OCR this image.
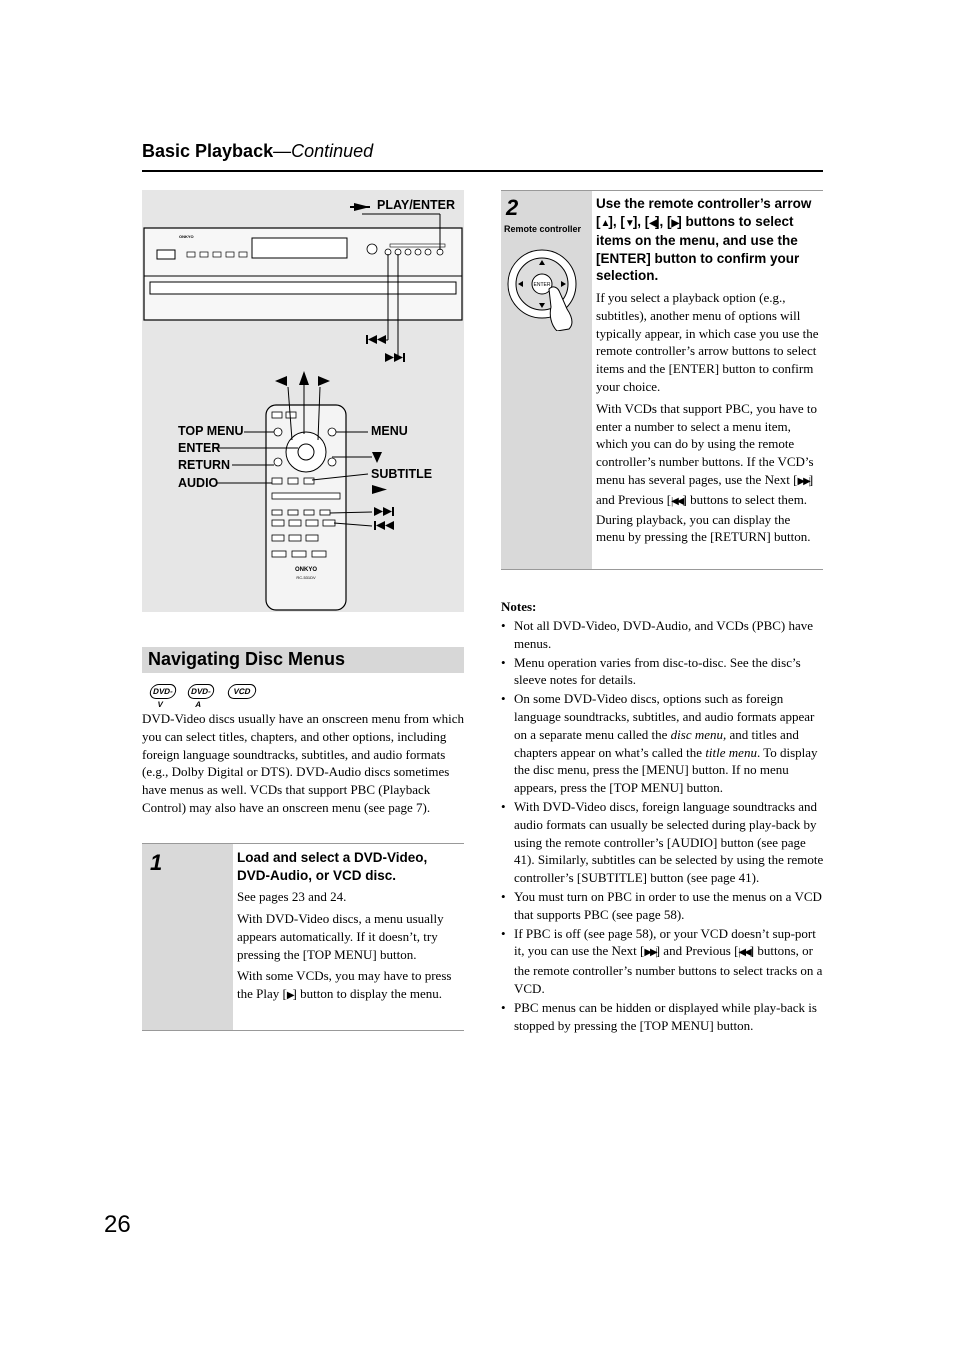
Basic Playback—Continued
ONKYO
RC-531DV
ONKYO
PLAY/ENTER
TOP MENU
ENTER
RETURN
AUDIO
MENU
SUBTITLE
Navigating Disc Menus
DVD-V
DVD-A
VCD

DVD-Video discs usually have an onscreen menu from which you can select titles, chapters, and other options, including foreign language soundtracks, subtitles, and audio formats (e.g., Dolby Digital or DTS). DVD-Audio discs sometimes have menus as well. VCDs that support PBC (Playback Control) may also have an onscreen menu (see page 7).

1	Load and select a DVD-Video, DVD-Audio, or VCD disc.

See pages 23 and 24.

With DVD-Video discs, a menu usually appears automatically. If it doesn’t, try pressing the [TOP MENU] button.

With some VCDs, you may have to press the Play [▶] button to display the menu.

2
Remote controller
ENTER

Use the remote controller’s arrow [▲], [▼], [◀], [▶] buttons to select items on the menu, and use the [ENTER] button to confirm your selection.

If you select a playback option (e.g., subtitles), another menu of options will typically appear, in which case you use the remote controller’s arrow buttons to select items and the [ENTER] button to confirm your choice.

With VCDs that support PBC, you have to enter a number to select a menu item, which you can do by using the remote controller’s number buttons. If the VCD’s menu has several pages, use the Next [▶▶|] and Previous [|◀◀] buttons to select them. During playback, you can display the menu by pressing the [RETURN] button.

Notes:

• Not all DVD-Video, DVD-Audio, and VCDs (PBC) have menus.
• Menu operation varies from disc-to-disc. See the disc’s sleeve notes for details.
• On some DVD-Video discs, options such as foreign language soundtracks, subtitles, and audio formats appear on a separate menu called the disc menu, and titles and chapters appear on what’s called the title menu. To display the disc menu, press the [MENU] button. If no menu appears, press the [TOP MENU] button.
• With DVD-Video discs, foreign language soundtracks and audio formats can usually be selected during play-back by using the remote controller’s [AUDIO] button (see page 41). Similarly, subtitles can be selected by using the remote controller’s [SUBTITLE] button (see page 41).
• You must turn on PBC in order to use the menus on a VCD that supports PBC (see page 58).
• If PBC is off (see page 58), or your VCD doesn’t sup-port it, you can use the Next [▶▶|] and Previous [|◀◀] buttons, or the remote controller’s number buttons to select tracks on a VCD.
• PBC menus can be hidden or displayed while play-back is stopped by pressing the [TOP MENU] button.
26
